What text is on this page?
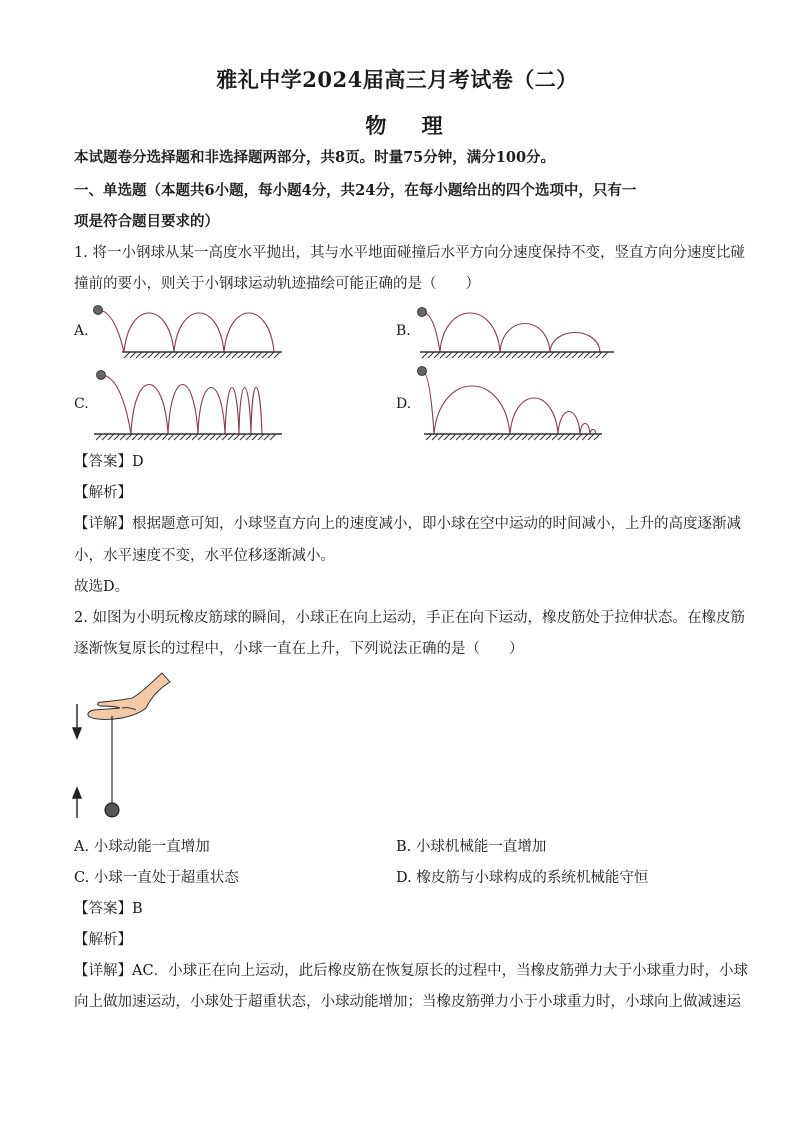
雅礼中学2024届高三月考试卷（二）
物 理
本试题卷分选择题和非选择题两部分，共8页。时量75分钟，满分100分。
一、单选题（本题共6小题，每小题4分，共24分，在每小题给出的四个选项中，只有一
项是符合题目要求的）
1. 将一小钢球从某一高度水平抛出，其与水平地面碰撞后水平方向分速度保持不变，竖直方向分速度比碰
撞前的要小，则关于小钢球运动轨迹描绘可能正确的是（　　）
A.	B.
C.	D.
【答案】D
【解析】
【详解】根据题意可知，小球竖直方向上的速度减小，即小球在空中运动的时间减小，上升的高度逐渐减
小，水平速度不变，水平位移逐渐减小。
故选D。
2. 如图为小明玩橡皮筋球的瞬间，小球正在向上运动，手正在向下运动，橡皮筋处于拉伸状态。在橡皮筋
逐渐恢复原长的过程中，小球一直在上升，下列说法正确的是（　　）
A. 小球动能一直增加	B. 小球机械能一直增加
C. 小球一直处于超重状态	D. 橡皮筋与小球构成的系统机械能守恒
【答案】B
【解析】
【详解】AC．小球正在向上运动，此后橡皮筋在恢复原长的过程中，当橡皮筋弹力大于小球重力时，小球
向上做加速运动，小球处于超重状态，小球动能增加；当橡皮筋弹力小于小球重力时，小球向上做减速运
